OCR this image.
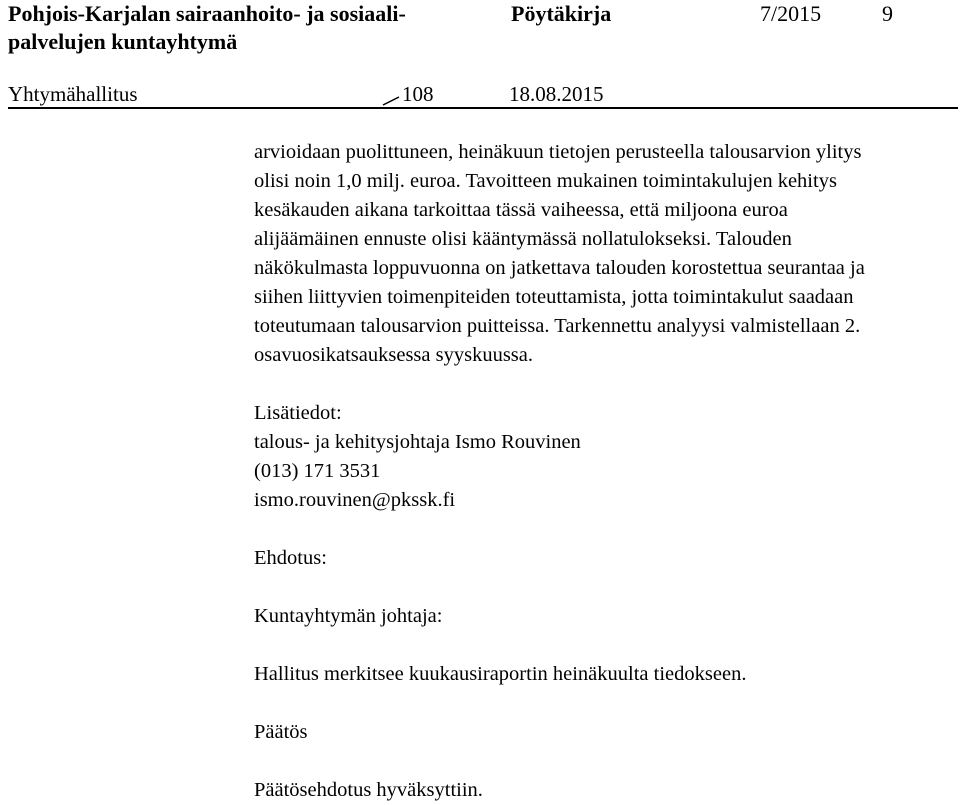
Pohjois-Karjalan sairaanhoito- ja sosiaali-
palvelujen kuntayhtymä
Pöytäkirja	7/2015	9
Yhtymähallitus	108	18.08.2015

arvioidaan puolittuneen, heinäkuun tietojen perusteella talousarvion ylitys

olisi noin 1,0 milj. euroa. Tavoitteen mukainen toimintakulujen kehitys

kesäkauden aikana tarkoittaa tässä vaiheessa, että miljoona euroa

alijäämäinen ennuste olisi kääntymässä nollatulokseksi. Talouden

näkökulmasta loppuvuonna on jatkettava talouden korostettua seurantaa ja

siihen liittyvien toimenpiteiden toteuttamista, jotta toimintakulut saadaan

toteutumaan talousarvion puitteissa. Tarkennettu analyysi valmistellaan 2.

osavuosikatsauksessa syyskuussa.

Lisätiedot:

talous- ja kehitysjohtaja Ismo Rouvinen

(013) 171 3531

ismo.rouvinen@pkssk.fi

Ehdotus:

Kuntayhtymän johtaja:

Hallitus merkitsee kuukausiraportin heinäkuulta tiedokseen.

Päätös

Päätösehdotus hyväksyttiin.
